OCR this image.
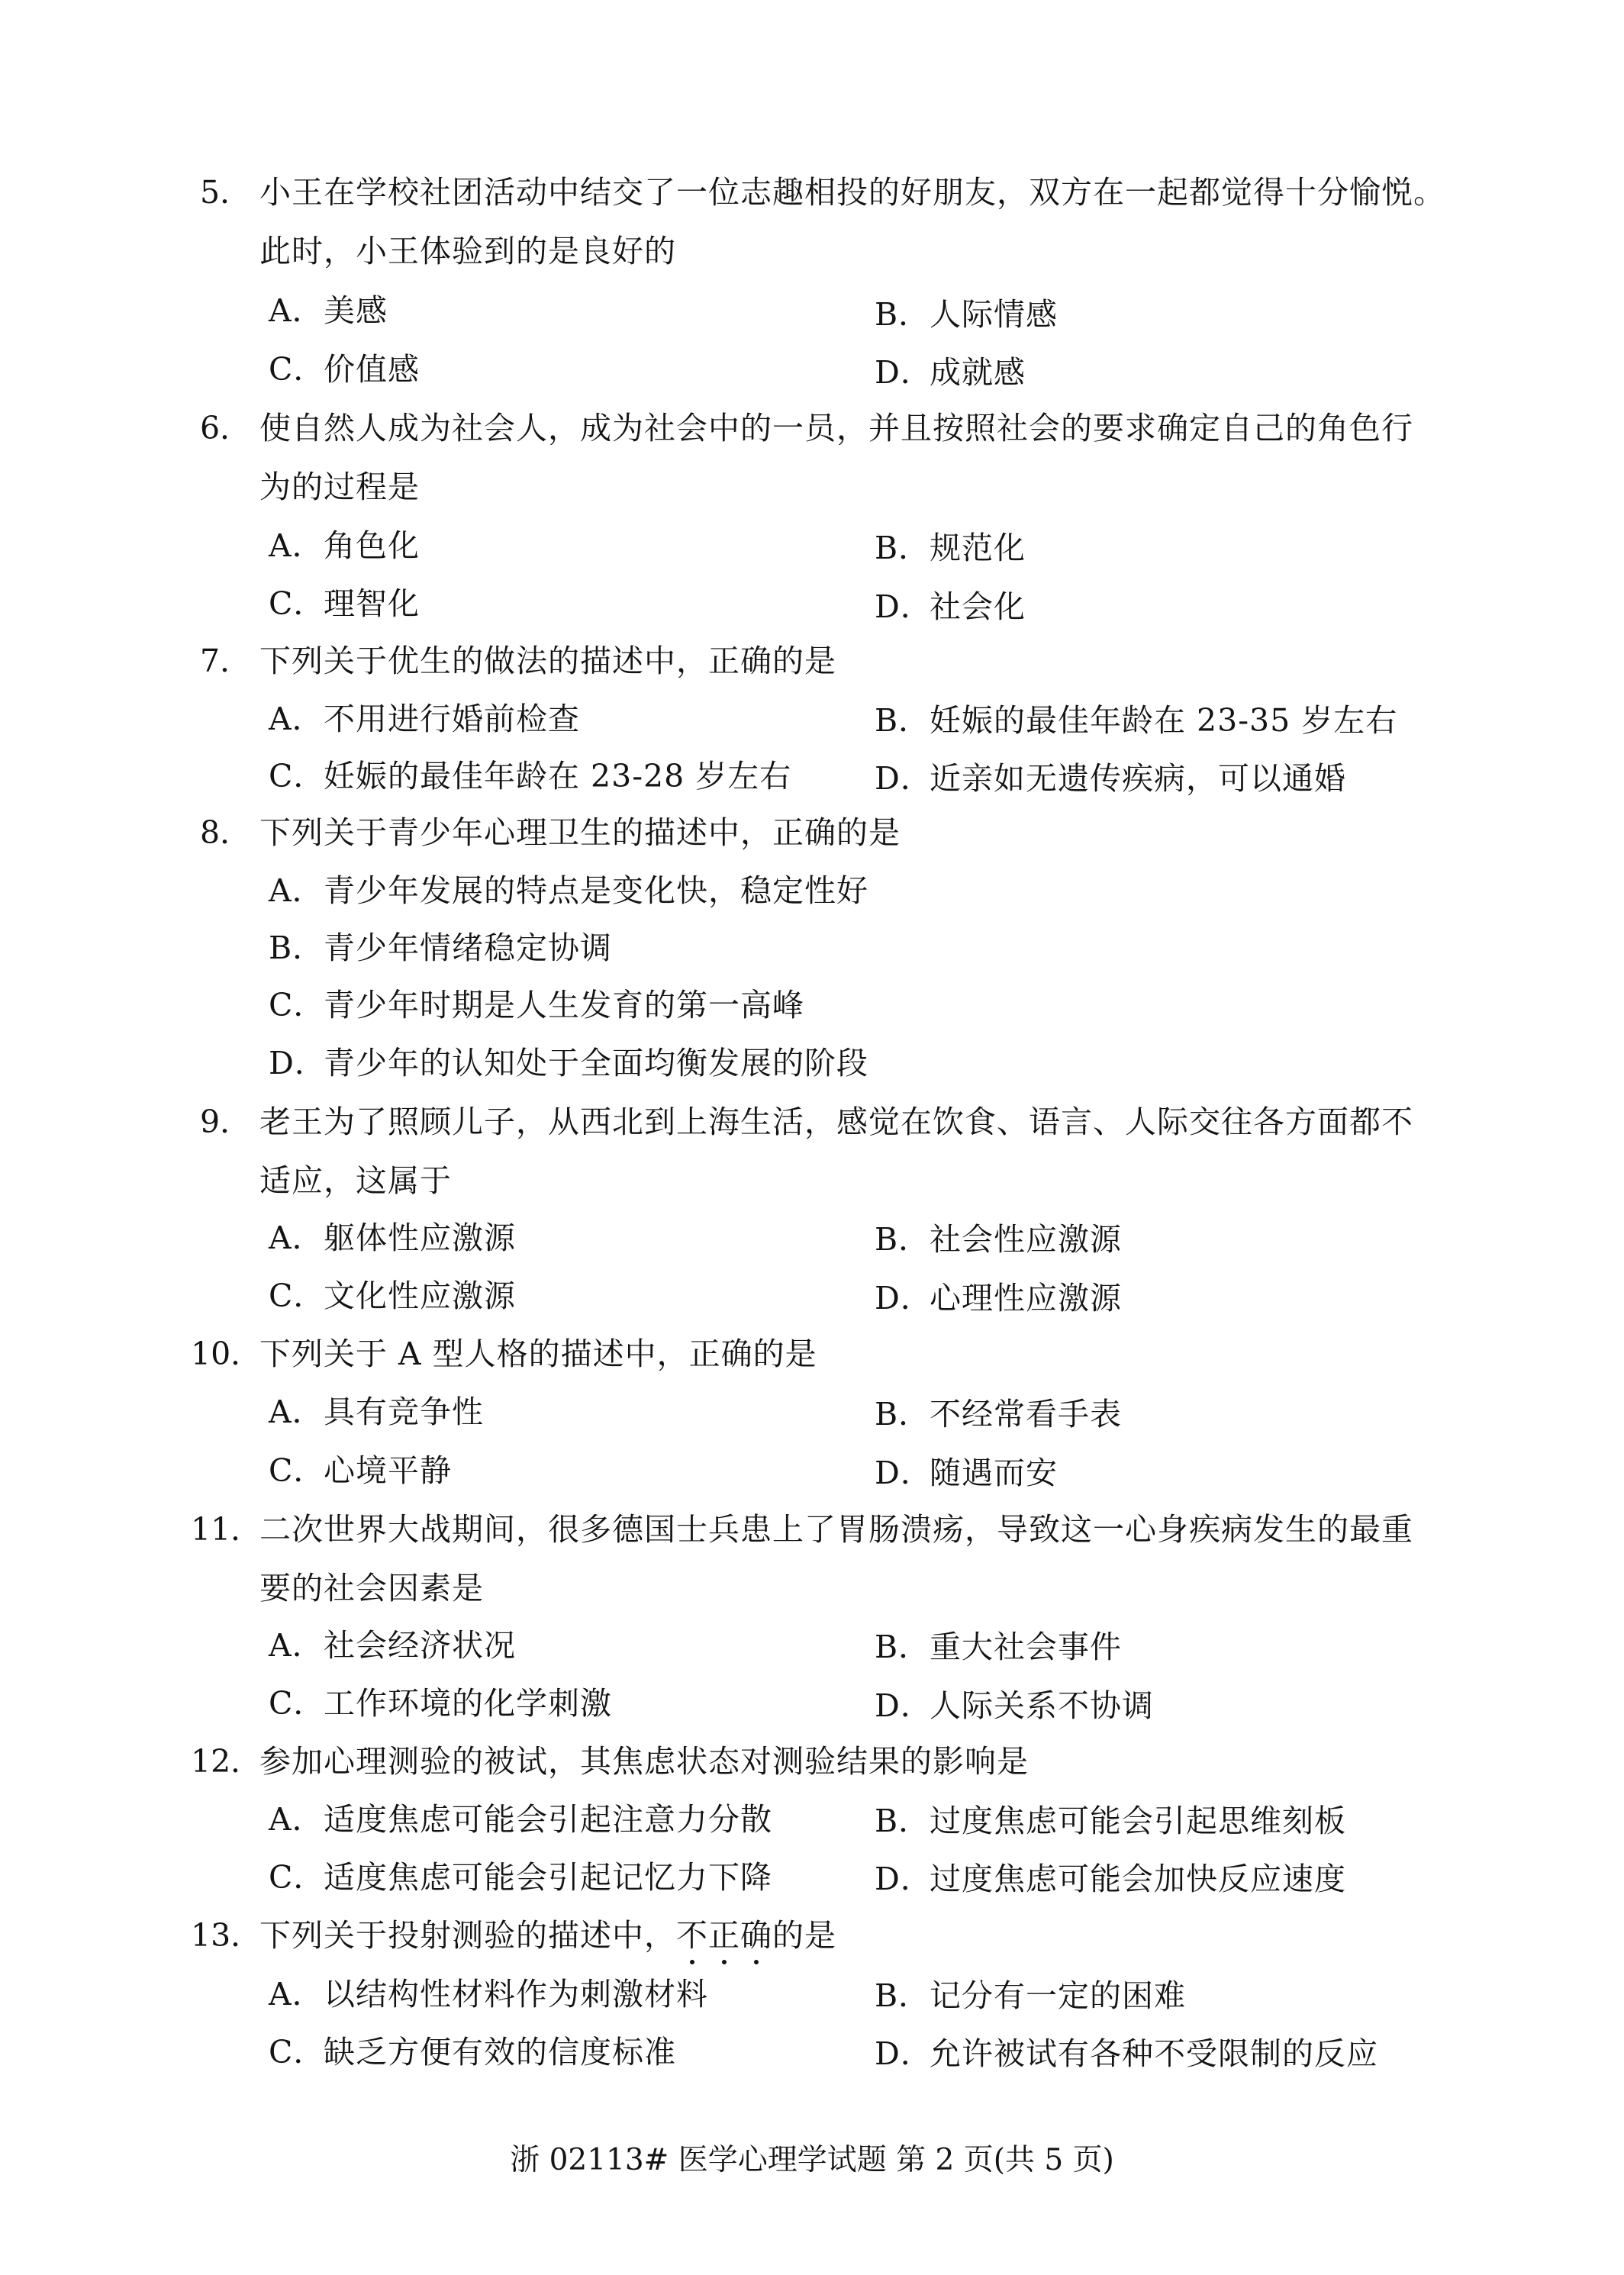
5． 小王在学校社团活动中结交了一位志趣相投的好朋友，双方在一起都觉得十分愉悦。
此时，小王体验到的是良好的
A．美感	B．人际情感
C．价值感	D．成就感
6． 使自然人成为社会人，成为社会中的一员，并且按照社会的要求确定自己的角色行
为的过程是
A．角色化	B．规范化
C．理智化	D．社会化
7． 下列关于优生的做法的描述中，正确的是
A．不用进行婚前检查	B．妊娠的最佳年龄在 23-35 岁左右
C．妊娠的最佳年龄在 23-28 岁左右	D．近亲如无遗传疾病，可以通婚
8． 下列关于青少年心理卫生的描述中，正确的是
A．青少年发展的特点是变化快，稳定性好
B．青少年情绪稳定协调
C．青少年时期是人生发育的第一高峰
D．青少年的认知处于全面均衡发展的阶段
9． 老王为了照顾儿子，从西北到上海生活，感觉在饮食、语言、人际交往各方面都不
适应，这属于
A．躯体性应激源	B．社会性应激源
C．文化性应激源	D．心理性应激源
10．
下列关于 A 型人格的描述中，正确的是
A．具有竞争性	B．不经常看手表
C．心境平静	D．随遇而安
11．
二次世界大战期间，很多德国士兵患上了胃肠溃疡，导致这一心身疾病发生的最重
要的社会因素是
A．社会经济状况	B．重大社会事件
C．工作环境的化学刺激	D．人际关系不协调
12．
参加心理测验的被试，其焦虑状态对测验结果的影响是
A．适度焦虑可能会引起注意力分散	B．过度焦虑可能会引起思维刻板
C．适度焦虑可能会引起记忆力下降	D．过度焦虑可能会加快反应速度
13．
下列关于投射测验的描述中，不
正
确
的是
A．以结构性材料作为刺激材料	B．记分有一定的困难
C．缺乏方便有效的信度标准	D．允许被试有各种不受限制的反应
浙 02113# 医学心理学试题 第 2 页(共 5 页)
